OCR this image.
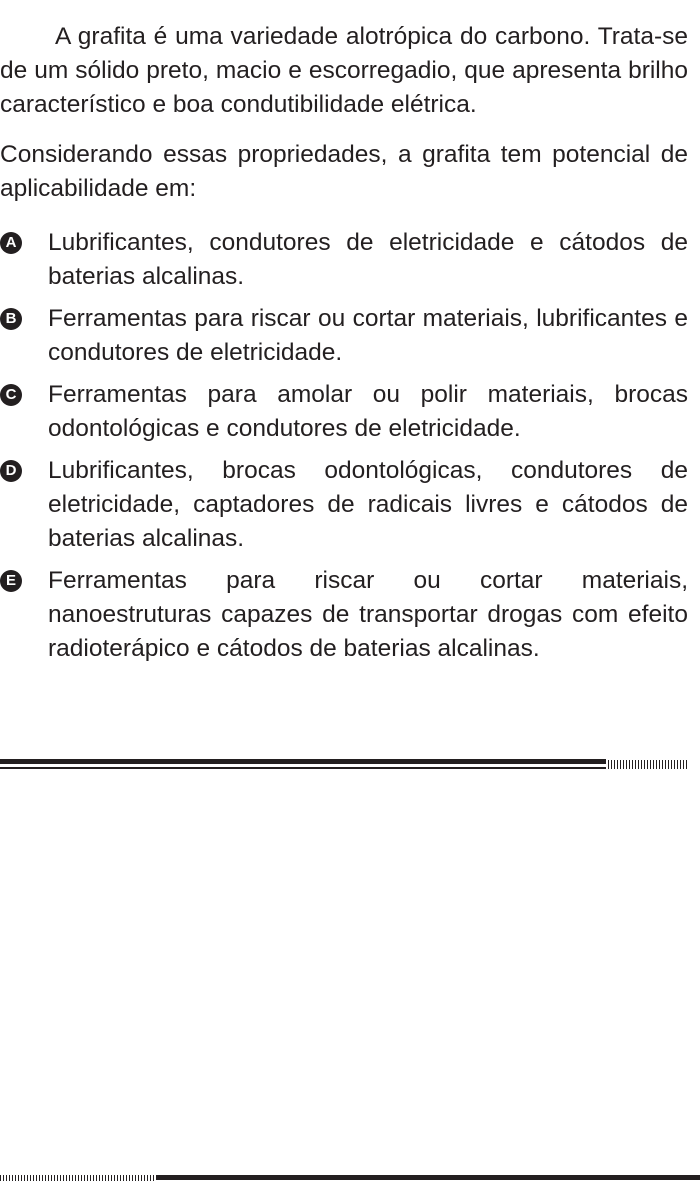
A grafita é uma variedade alotrópica do carbono. Trata-se de um sólido preto, macio e escorregadio, que apresenta brilho característico e boa condutibilidade elétrica.

Considerando essas propriedades, a grafita tem potencial de aplicabilidade em:

A Lubrificantes, condutores de eletricidade e cátodos de baterias alcalinas.
B Ferramentas para riscar ou cortar materiais, lubrificantes e condutores de eletricidade.
C Ferramentas para amolar ou polir materiais, brocas odontológicas e condutores de eletricidade.
D Lubrificantes, brocas odontológicas, condutores de eletricidade, captadores de radicais livres e cátodos de baterias alcalinas.
E Ferramentas para riscar ou cortar materiais, nanoestruturas capazes de transportar drogas com efeito radioterápico e cátodos de baterias alcalinas.
